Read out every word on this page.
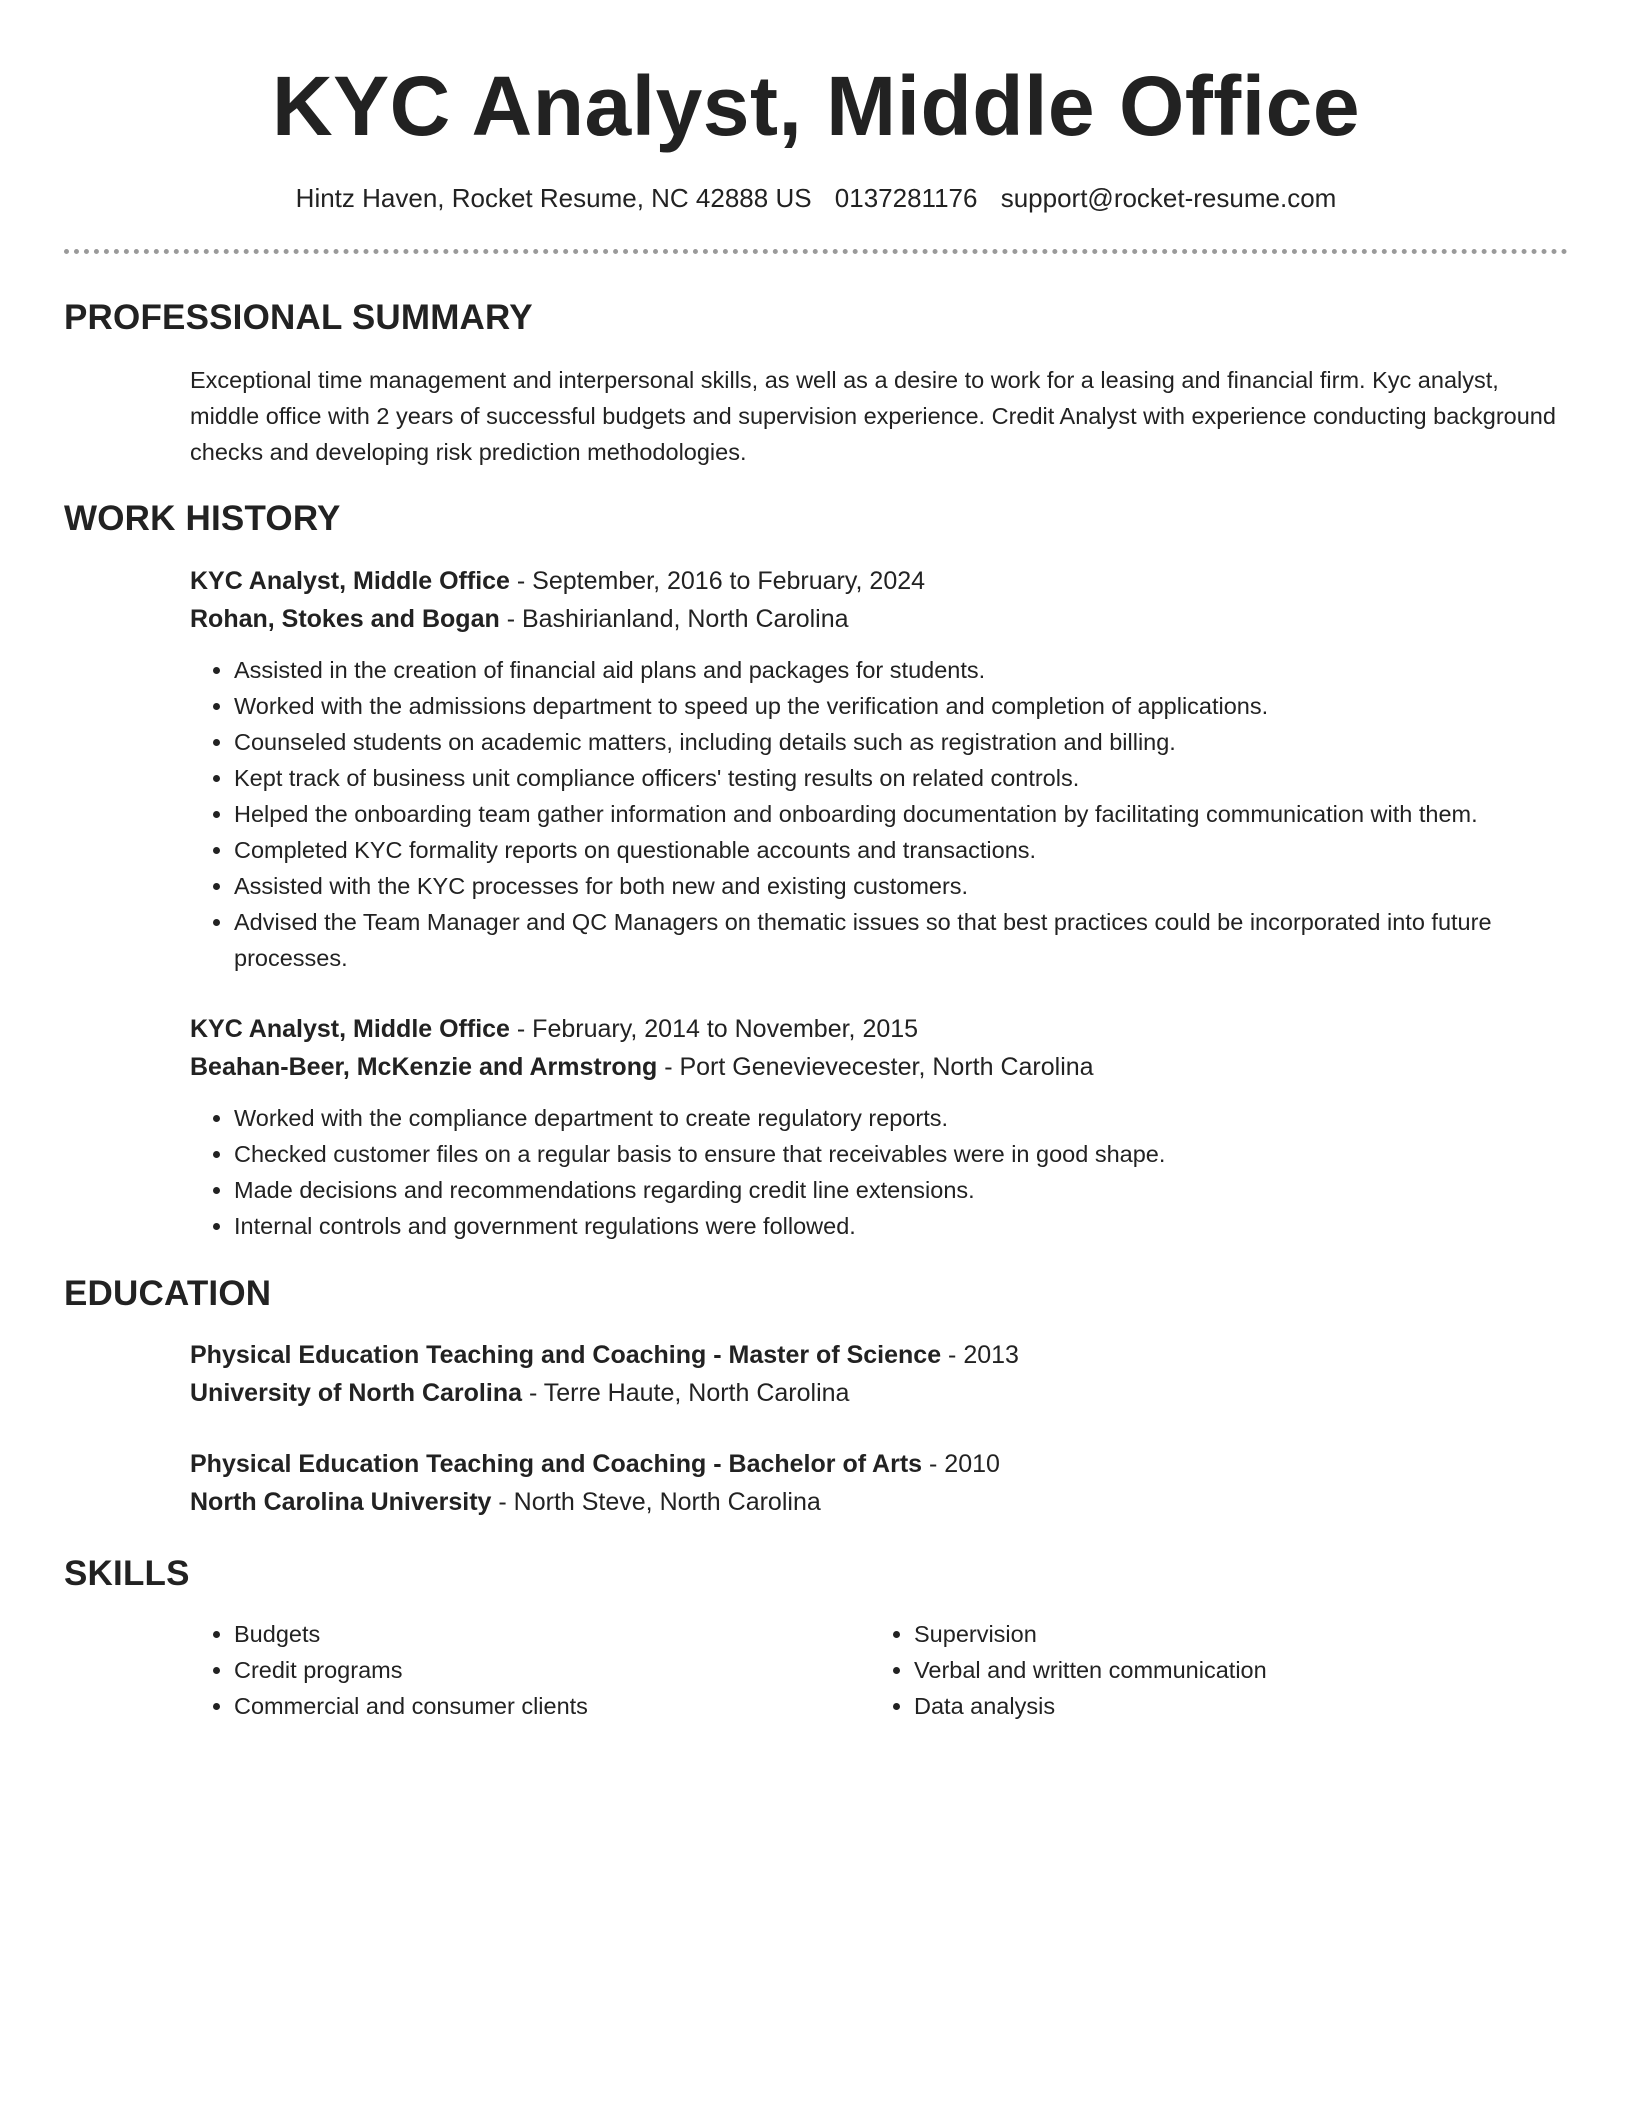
KYC Analyst, Middle Office
Hintz Haven, Rocket Resume, NC 42888 US 0137281176 support@rocket-resume.com
PROFESSIONAL SUMMARY

Exceptional time management and interpersonal skills, as well as a desire to work for a leasing and financial firm. Kyc analyst, middle office with 2 years of successful budgets and supervision experience. Credit Analyst with experience conducting background checks and developing risk prediction methodologies.

WORK HISTORY

KYC Analyst, Middle Office - September, 2016 to February, 2024

Rohan, Stokes and Bogan - Bashirianland, North Carolina

• Assisted in the creation of financial aid plans and packages for students.
• Worked with the admissions department to speed up the verification and completion of applications.
• Counseled students on academic matters, including details such as registration and billing.
• Kept track of business unit compliance officers' testing results on related controls.
• Helped the onboarding team gather information and onboarding documentation by facilitating communication with them.
• Completed KYC formality reports on questionable accounts and transactions.
• Assisted with the KYC processes for both new and existing customers.
• Advised the Team Manager and QC Managers on thematic issues so that best practices could be incorporated into future processes.

KYC Analyst, Middle Office - February, 2014 to November, 2015

Beahan-Beer, McKenzie and Armstrong - Port Genevievecester, North Carolina

• Worked with the compliance department to create regulatory reports.
• Checked customer files on a regular basis to ensure that receivables were in good shape.
• Made decisions and recommendations regarding credit line extensions.
• Internal controls and government regulations were followed.
EDUCATION

Physical Education Teaching and Coaching - Master of Science - 2013

University of North Carolina - Terre Haute, North Carolina

Physical Education Teaching and Coaching - Bachelor of Arts - 2010

North Carolina University - North Steve, North Carolina

SKILLS
• Budgets
• Credit programs
• Commercial and consumer clients
• Supervision
• Verbal and written communication
• Data analysis
